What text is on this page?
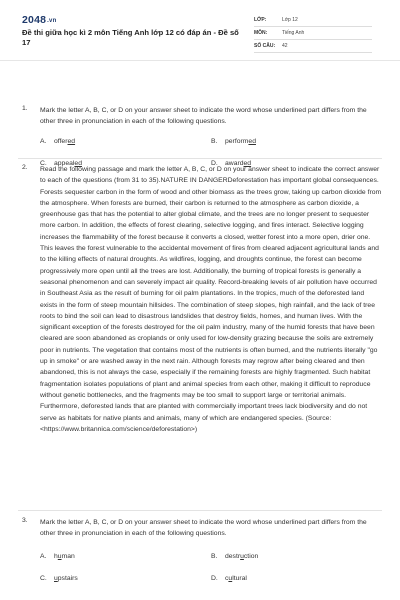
2048.vn
Đề thi giữa học kì 2 môn Tiếng Anh lớp 12 có đáp án - Đề số 17
LỚP:	Lớp 12
MÔN:	Tiếng Anh
SỐ CÂU:	42
1. Mark the letter A, B, C, or D on your answer sheet to indicate the word whose underlined part differs from the other three in pronunciation in each of the following questions.
A. offered	B. performed
C. appealed	D. awarded
2. Read the following passage and mark the letter A, B, C, or D on your answer sheet to indicate the correct answer to each of the questions (from 31 to 35).NATURE IN DANGERDeforestation has important global consequences. Forests sequester carbon in the form of wood and other biomass as the trees grow, taking up carbon dioxide from the atmosphere. When forests are burned, their carbon is returned to the atmosphere as carbon dioxide, a greenhouse gas that has the potential to alter global climate, and the trees are no longer present to sequester more carbon. In addition, the effects of forest clearing, selective logging, and fires interact. Selective logging increases the flammability of the forest because it converts a closed, wetter forest into a more open, drier one. This leaves the forest vulnerable to the accidental movement of fires from cleared adjacent agricultural lands and to the killing effects of natural droughts. As wildfires, logging, and droughts continue, the forest can become progressively more open until all the trees are lost. Additionally, the burning of tropical forests is generally a seasonal phenomenon and can severely impact air quality. Record-breaking levels of air pollution have occurred in Southeast Asia as the result of burning for oil palm plantations. In the tropics, much of the deforested land exists in the form of steep mountain hillsides. The combination of steep slopes, high rainfall, and the lack of tree roots to bind the soil can lead to disastrous landslides that destroy fields, homes, and human lives. With the significant exception of the forests destroyed for the oil palm industry, many of the humid forests that have been cleared are soon abandoned as croplands or only used for low-density grazing because the soils are extremely poor in nutrients. The vegetation that contains most of the nutrients is often burned, and the nutrients literally "go up in smoke" or are washed away in the next rain. Although forests may regrow after being cleared and then abandoned, this is not always the case, especially if the remaining forests are highly fragmented. Such habitat fragmentation isolates populations of plant and animal species from each other, making it difficult to reproduce without genetic bottlenecks, and the fragments may be too small to support large or territorial animals. Furthermore, deforested lands that are planted with commercially important trees lack biodiversity and do not serve as habitats for native plants and animals, many of which are endangered species. (Source: <https://www.britannica.com/science/deforestation>)
3. Mark the letter A, B, C, or D on your answer sheet to indicate the word whose underlined part differs from the other three in pronunciation in each of the following questions.
A. human	B. destruction
C. upstairs	D. cultural
